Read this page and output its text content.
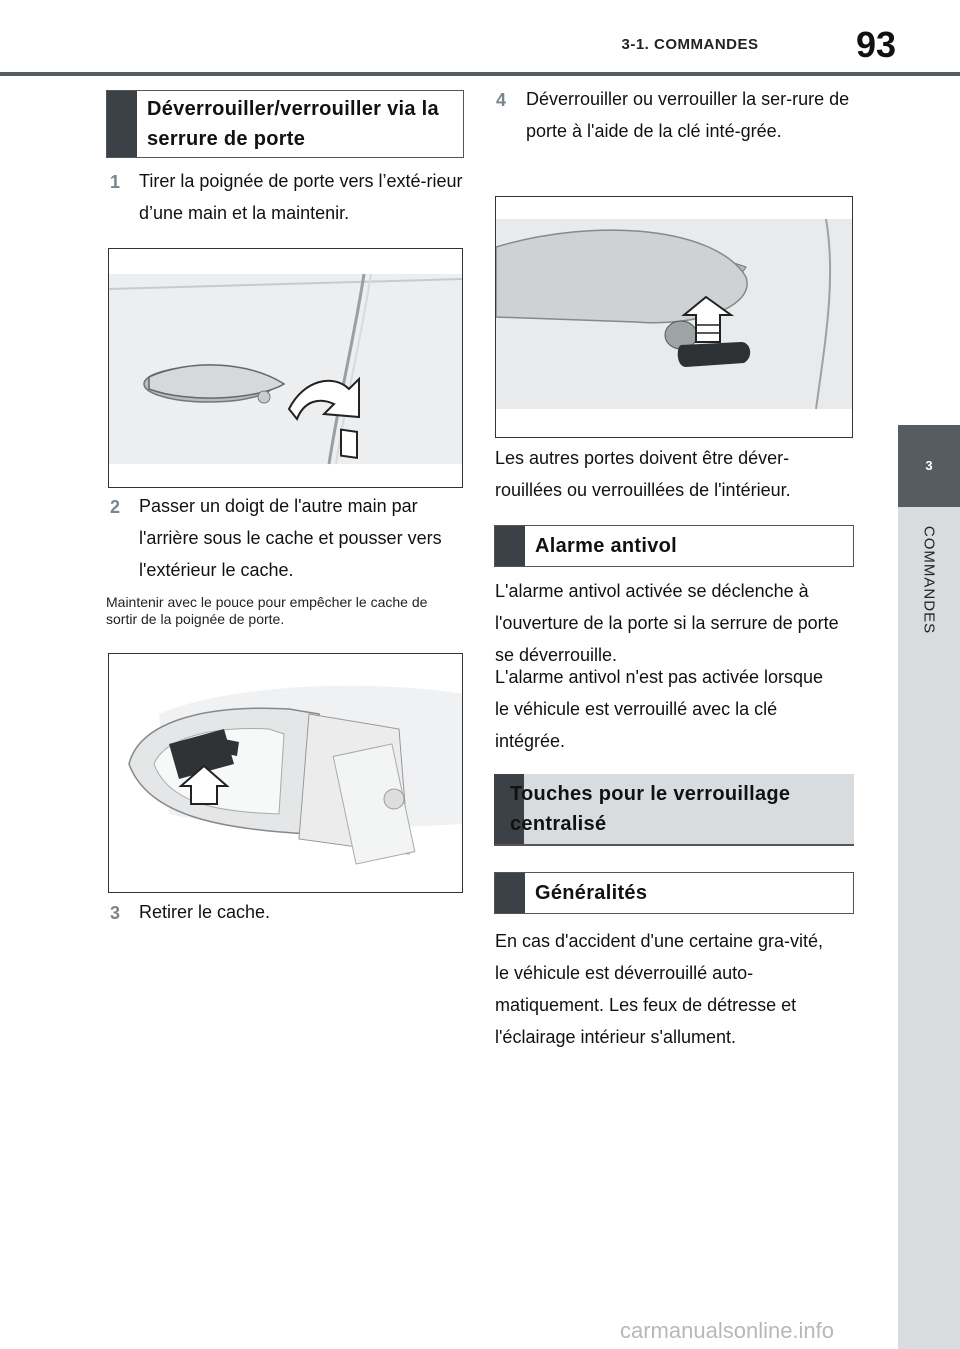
3-1. COMMANDES	93
3
COMMANDES
Déverrouiller/verrouiller via la serrure de porte
1 Tirer la poignée de porte vers l’exté-rieur d’une main et la maintenir.
2 Passer un doigt de l'autre main par l'arrière sous le cache et pousser vers l'extérieur le cache.
Maintenir avec le pouce pour empêcher le cache de sortir de la poignée de porte.
3 Retirer le cache.
4 Déverrouiller ou verrouiller la ser-rure de porte à l'aide de la clé inté-grée.
Les autres portes doivent être déver-rouillées ou verrouillées de l'intérieur.
Alarme antivol
L'alarme antivol activée se déclenche à l'ouverture de la porte si la serrure de porte se déverrouille.
L'alarme antivol n'est pas activée lorsque le véhicule est verrouillé avec la clé intégrée.
Touches pour le verrouillage centralisé
Généralités
En cas d'accident d'une certaine gra-vité, le véhicule est déverrouillé auto-matiquement. Les feux de détresse et l'éclairage intérieur s'allument.
carmanualsonline.info
